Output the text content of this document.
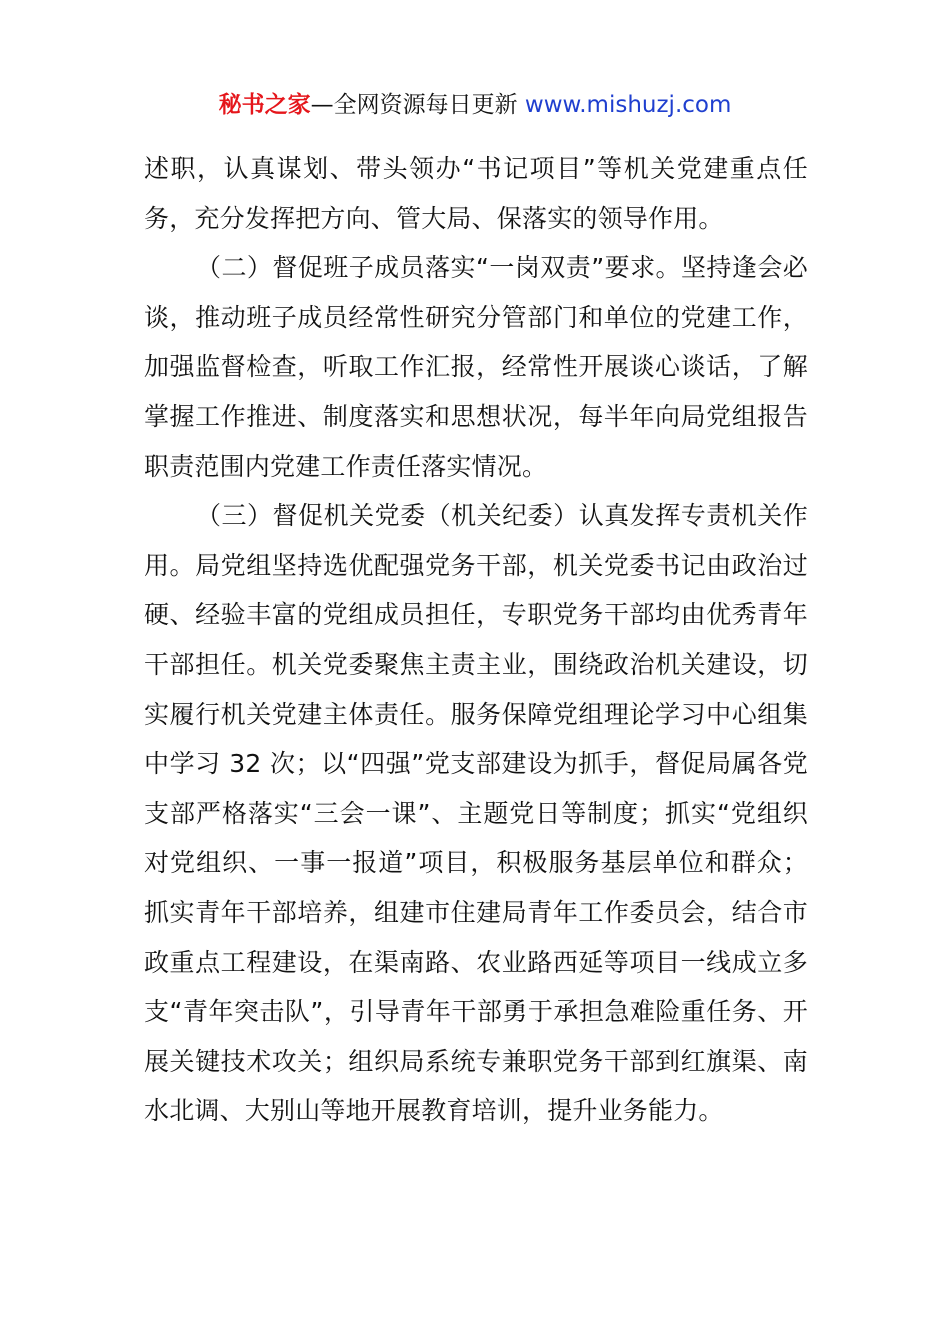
秘书之家—全网资源每日更新 www.mishuzj.com

述职，认真谋划、带头领办“书记项目”等机关党建重点任务，充分发挥把方向、管大局、保落实的领导作用。

（二）督促班子成员落实“一岗双责”要求。坚持逢会必谈，推动班子成员经常性研究分管部门和单位的党建工作，加强监督检查，听取工作汇报，经常性开展谈心谈话，了解掌握工作推进、制度落实和思想状况，每半年向局党组报告职责范围内党建工作责任落实情况。

（三）督促机关党委（机关纪委）认真发挥专责机关作用。局党组坚持选优配强党务干部，机关党委书记由政治过硬、经验丰富的党组成员担任，专职党务干部均由优秀青年干部担任。机关党委聚焦主责主业，围绕政治机关建设，切实履行机关党建主体责任。服务保障党组理论学习中心组集中学习 32 次；以“四强”党支部建设为抓手，督促局属各党支部严格落实“三会一课”、主题党日等制度；抓实“党组织对党组织、一事一报道”项目，积极服务基层单位和群众；抓实青年干部培养，组建市住建局青年工作委员会，结合市政重点工程建设，在渠南路、农业路西延等项目一线成立多支“青年突击队”，引导青年干部勇于承担急难险重任务、开展关键技术攻关；组织局系统专兼职党务干部到红旗渠、南水北调、大别山等地开展教育培训，提升业务能力。
